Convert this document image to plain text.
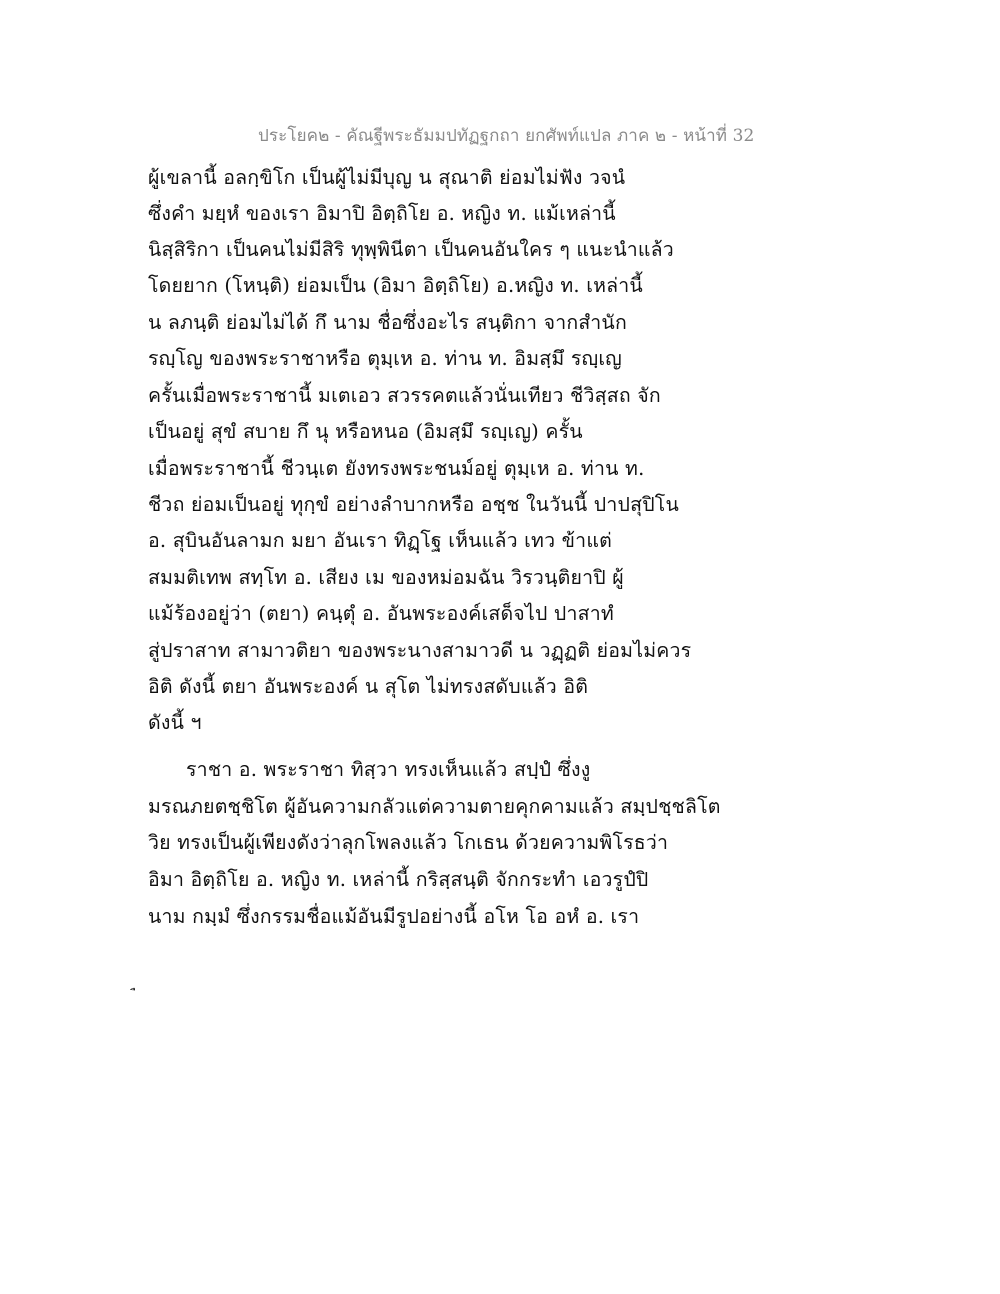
ประโยค๒ - คัณฐีพระธัมมปทัฏฐกถา ยกศัพท์แปล ภาค ๒ - หน้าที่ 32
ผู้เขลานี้ อลกฺขิโก เป็นผู้ไม่มีบุญ น สุณาติ ย่อมไม่ฟัง วจนํ
ซึ่งคำ มยฺหํ ของเรา อิมาปิ อิตฺถิโย อ. หญิง ท. แม้เหล่านี้
นิสฺสิริกา เป็นคนไม่มีสิริ ทุพฺพินีตา เป็นคนอันใคร ๆ แนะนำแล้ว
โดยยาก (โหนฺติ) ย่อมเป็น (อิมา อิตฺถิโย) อ.หญิง ท. เหล่านี้
น ลภนฺติ ย่อมไม่ได้ กึ นาม ชื่อซึ่งอะไร สนฺติกา จากสำนัก
รญฺโญ ของพระราชาหรือ ตุมฺเห อ. ท่าน ท. อิมสฺมึ รญฺเญ
ครั้นเมื่อพระราชานี้ มเตเอว สวรรคตแล้วนั่นเทียว ชีวิสฺสถ จัก
เป็นอยู่ สุขํ สบาย กึ นุ หรือหนอ (อิมสฺมึ รญฺเญ) ครั้น
เมื่อพระราชานี้ ชีวนฺเต ยังทรงพระชนม์อยู่ ตุมฺเห อ. ท่าน ท.
ชีวถ ย่อมเป็นอยู่ ทุกฺขํ อย่างลำบากหรือ อชฺช ในวันนี้ ปาปสุปิโน
อ. สุบินอันลามก มยา อันเรา ทิฏฺโฐ เห็นแล้ว เทว ข้าแต่
สมมติเทพ สทฺโท อ. เสียง เม ของหม่อมฉัน วิรวนฺติยาปิ ผู้
แม้ร้องอยู่ว่า (ตยา) คนฺตุํ อ. อันพระองค์เสด็จไป ปาสาทํ
สู่ปราสาท สามาวติยา ของพระนางสามาวดี น วฏฺฏติ ย่อมไม่ควร
อิติ ดังนี้ ตยา อันพระองค์ น สุโต ไม่ทรงสดับแล้ว อิติ
ดังนี้ ฯ
ราชา อ. พระราชา ทิสฺวา ทรงเห็นแล้ว สปฺปํ ซึ่งงู
มรณภยตชฺชิโต ผู้อันความกลัวแต่ความตายคุกคามแล้ว สมฺปชฺชลิโต
วิย ทรงเป็นผู้เพียงดังว่าลุกโพลงแล้ว โกเธน ด้วยความพิโรธว่า
อิมา อิตฺถิโย อ. หญิง ท. เหล่านี้ กริสฺสนฺติ จักกระทำ เอวรูปํปิ
นาม กมฺมํ ซึ่งกรรมชื่อแม้อันมีรูปอย่างนี้ อโห โอ อหํ อ. เรา
